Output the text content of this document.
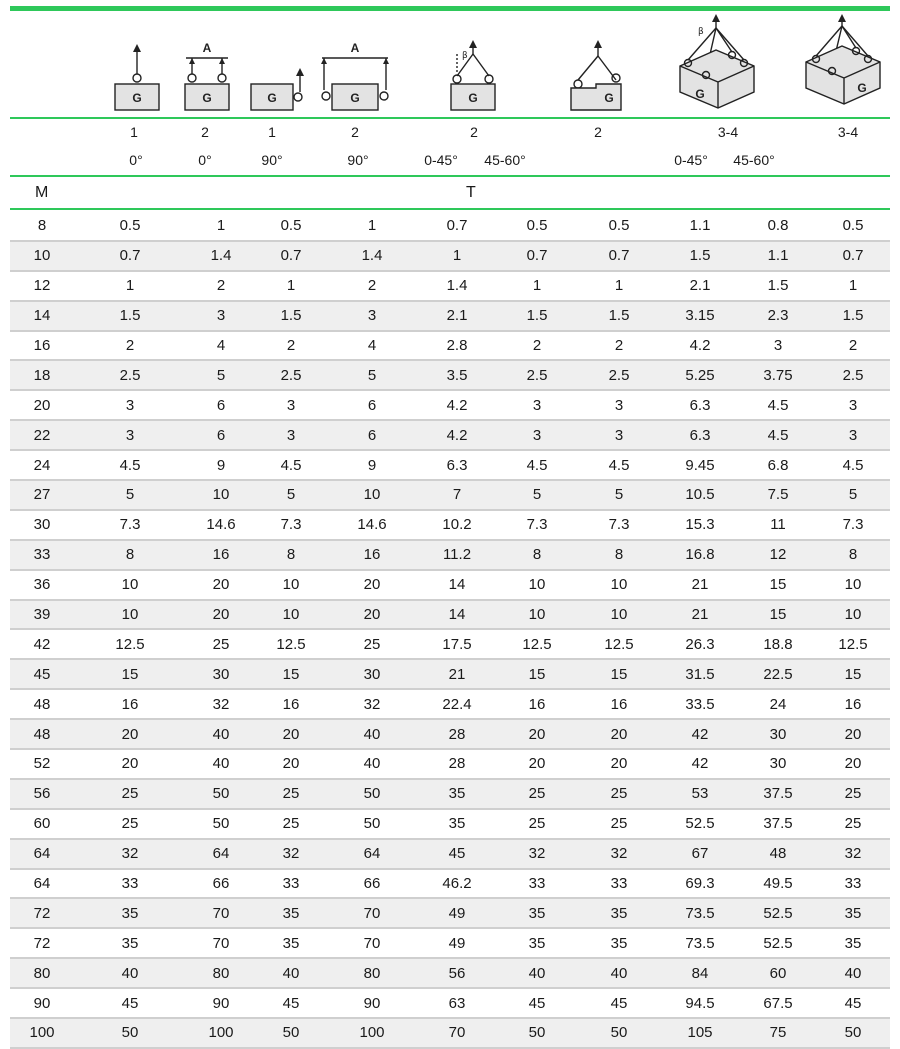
G
A
G	G
A
G
β
G	G
β
G	G
1	2	1	2	2	2	3-4	3-4
0°	0°	90°	90°	0-45° 45-60°	0-45° 45-60°
M	T
8	0.5	1	0.5	1	0.7	0.5	0.5	1.1	0.8	0.5
10	0.7	1.4	0.7	1.4	1	0.7	0.7	1.5	1.1	0.7
12	1	2	1	2	1.4	1	1	2.1	1.5	1
14	1.5	3	1.5	3	2.1	1.5	1.5	3.15	2.3	1.5
16	2	4	2	4	2.8	2	2	4.2	3	2
18	2.5	5	2.5	5	3.5	2.5	2.5	5.25	3.75	2.5
20	3	6	3	6	4.2	3	3	6.3	4.5	3
22	3	6	3	6	4.2	3	3	6.3	4.5	3
24	4.5	9	4.5	9	6.3	4.5	4.5	9.45	6.8	4.5
27	5	10	5	10	7	5	5	10.5	7.5	5
30	7.3	14.6	7.3	14.6	10.2	7.3	7.3	15.3	11	7.3
33	8	16	8	16	11.2	8	8	16.8	12	8
36	10	20	10	20	14	10	10	21	15	10
39	10	20	10	20	14	10	10	21	15	10
42	12.5	25	12.5	25	17.5	12.5	12.5	26.3	18.8	12.5
45	15	30	15	30	21	15	15	31.5	22.5	15
48	16	32	16	32	22.4	16	16	33.5	24	16
48	20	40	20	40	28	20	20	42	30	20
52	20	40	20	40	28	20	20	42	30	20
56	25	50	25	50	35	25	25	53	37.5	25
60	25	50	25	50	35	25	25	52.5	37.5	25
64	32	64	32	64	45	32	32	67	48	32
64	33	66	33	66	46.2	33	33	69.3	49.5	33
72	35	70	35	70	49	35	35	73.5	52.5	35
72	35	70	35	70	49	35	35	73.5	52.5	35
80	40	80	40	80	56	40	40	84	60	40
90	45	90	45	90	63	45	45	94.5	67.5	45
100	50	100	50	100	70	50	50	105	75	50
